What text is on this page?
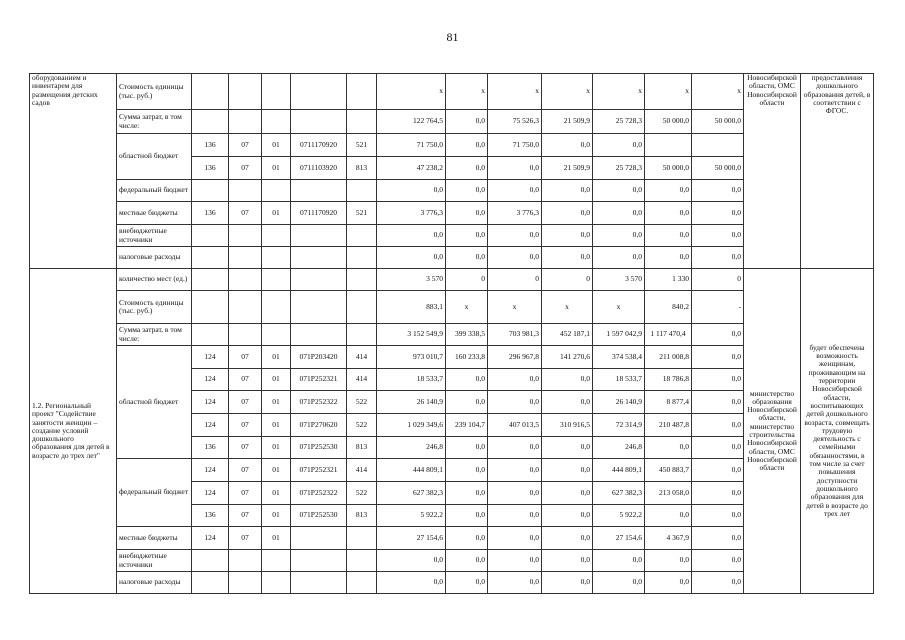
81
оборудованием и инвентарем для размещения детских садов	Стоимость единицы (тыс. руб.)						х	х	х	х	х	х	х	Новосибирской области, ОМС Новосибирской области	предоставления дошкольного образования детей, в соответствии с ФГОС.
	Сумма затрат, в том числе:						122 764,5	0,0	75 526,3	21 509,9	25 728,3	50 000,0	50 000,0		
	областной бюджет	136	07	01	0711170920	521	71 750,0	0,0	71 750,0	0,0	0,0				
		136	07	01	0711103920	813	47 238,2	0,0	0,0	21 509,9	25 728,3	50 000,0	50 000,0		
	федеральный бюджет						0,0	0,0	0,0	0,0	0,0	0,0	0,0		
	местные бюджеты	136	07	01	0711170920	521	3 776,3	0,0	3 776,3	0,0	0,0	0,0	0,0		
	внебюджетные источники						0,0	0,0	0,0	0,0	0,0	0,0	0,0		
	налоговые расходы						0,0	0,0	0,0	0,0	0,0	0,0	0,0		
1.2. Региональный проект "Содействие занятости женщин – создание условий дошкольного образования для детей в возрасте до трех лет"	количество мест (ед.)						3 570	0	0	0	3 570	1 330	0	министерство образования Новосибирской области, министерство строительства Новосибирской области, ОМС Новосибирской области	будет обеспечена возможность женщинам, проживающим на территории Новосибирской области, воспитывающих детей дошкольного возраста, совмещать трудовую деятельность с семейными обязанностями, в том числе за счет повышения доступности дошкольного образования для детей в возрасте до трех лет
	Стоимость единицы (тыс. руб.)						883,1	х	х	х	х	840,2	-		
	Сумма затрат, в том числе:						3 152 549,9	399 338,5	703 981,3	452 187,1	1 597 042,9	1 117 470,4	0,0		
	областной бюджет	124	07	01	071P203420	414	973 010,7	160 233,8	296 967,8	141 270,6	374 538,4	211 008,8	0,0		
		124	07	01	071P252321	414	18 533,7	0,0	0,0	0,0	18 533,7	18 786,8	0,0		
		124	07	01	071P252322	522	26 140,9	0,0	0,0	0,0	26 140,9	8 877,4	0,0		
		124	07	01	071P270620	522	1 029 349,6	239 104,7	407 013,5	310 916,5	72 314,9	210 487,8	0,0		
		136	07	01	071P252530	813	246,8	0,0	0,0	0,0	246,8	0,0	0,0		
	федеральный бюджет	124	07	01	071P252321	414	444 809,1	0,0	0,0	0,0	444 809,1	450 883,7	0,0		
		124	07	01	071P252322	522	627 382,3	0,0	0,0	0,0	627 382,3	213 058,0	0,0		
		136	07	01	071P252530	813	5 922,2	0,0	0,0	0,0	5 922,2	0,0	0,0		
	местные бюджеты	124	07	01			27 154,6	0,0	0,0	0,0	27 154,6	4 367,9	0,0		
	внебюджетные источники						0,0	0,0	0,0	0,0	0,0	0,0	0,0		
	налоговые расходы						0,0	0,0	0,0	0,0	0,0	0,0	0,0		
